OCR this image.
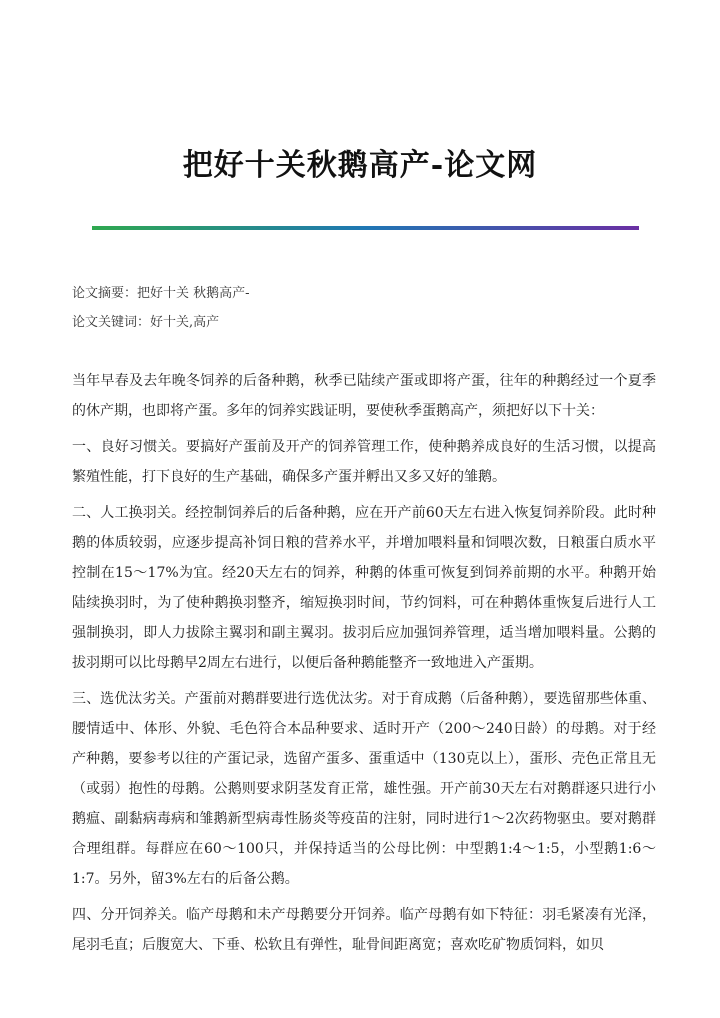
把好十关秋鹅高产-论文网
论文摘要：把好十关 秋鹅高产-
论文关键词：好十关,高产

当年早春及去年晚冬饲养的后备种鹅，秋季已陆续产蛋或即将产蛋，往年的种鹅经过一个夏季的休产期，也即将产蛋。多年的饲养实践证明，要使秋季蛋鹅高产，须把好以下十关：

一、良好习惯关。要搞好产蛋前及开产的饲养管理工作，使种鹅养成良好的生活习惯，以提高繁殖性能，打下良好的生产基础，确保多产蛋并孵出又多又好的雏鹅。

二、人工换羽关。经控制饲养后的后备种鹅，应在开产前60天左右进入恢复饲养阶段。此时种鹅的体质较弱，应逐步提高补饲日粮的营养水平，并增加喂料量和饲喂次数，日粮蛋白质水平控制在15～17%为宜。经20天左右的饲养，种鹅的体重可恢复到饲养前期的水平。种鹅开始陆续换羽时，为了使种鹅换羽整齐，缩短换羽时间，节约饲料，可在种鹅体重恢复后进行人工强制换羽，即人力拔除主翼羽和副主翼羽。拔羽后应加强饲养管理，适当增加喂料量。公鹅的拔羽期可以比母鹅早2周左右进行，以便后备种鹅能整齐一致地进入产蛋期。

三、选优汰劣关。产蛋前对鹅群要进行选优汰劣。对于育成鹅（后备种鹅），要选留那些体重、腰情适中、体形、外貌、毛色符合本品种要求、适时开产（200～240日龄）的母鹅。对于经产种鹅，要参考以往的产蛋记录，选留产蛋多、蛋重适中（130克以上），蛋形、壳色正常且无（或弱）抱性的母鹅。公鹅则要求阴茎发育正常，雄性强。开产前30天左右对鹅群逐只进行小鹅瘟、副黏病毒病和雏鹅新型病毒性肠炎等疫苗的注射，同时进行1～2次药物驱虫。要对鹅群合理组群。每群应在60～100只，并保持适当的公母比例：中型鹅1:4～1:5，小型鹅1:6～1:7。另外，留3%左右的后备公鹅。

四、分开饲养关。临产母鹅和未产母鹅要分开饲养。临产母鹅有如下特征：羽毛紧凑有光泽，尾羽毛直；后腹宽大、下垂、松软且有弹性，耻骨间距离宽；喜欢吃矿物质饲料，如贝
